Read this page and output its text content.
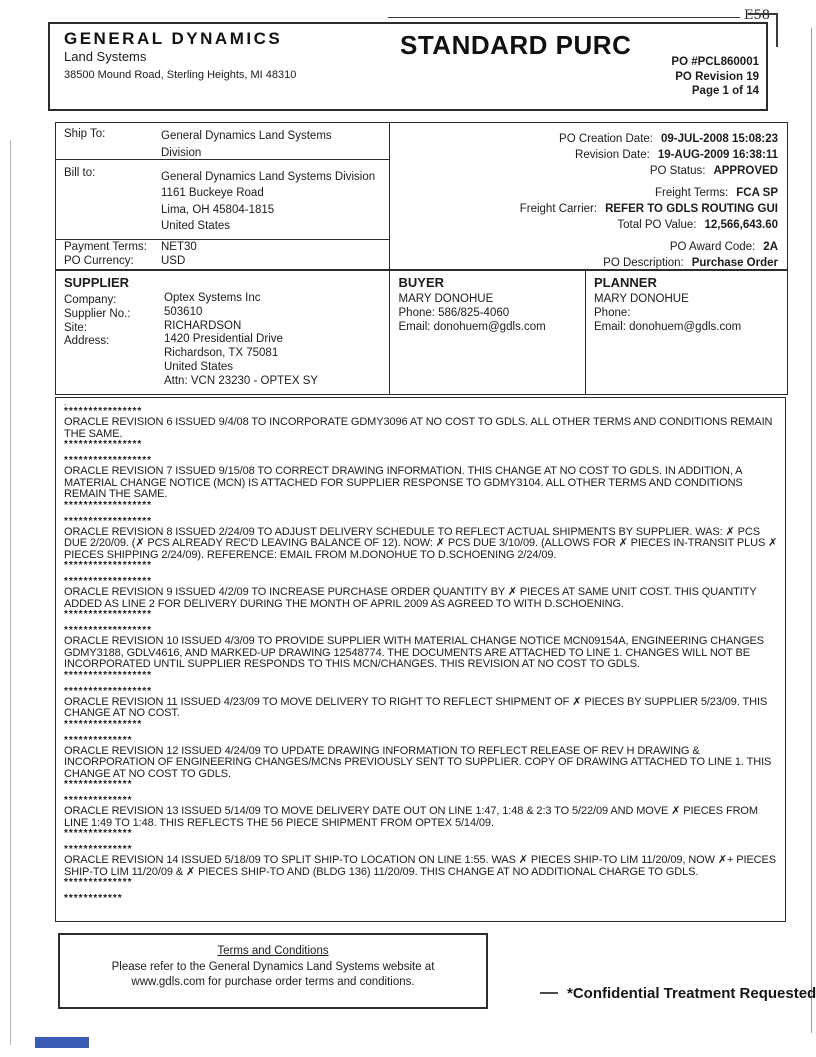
E58
GENERAL DYNAMICS
Land Systems
38500 Mound Road, Sterling Heights, MI 48310
STANDARD PURC
PO #PCL860001
PO Revision 19
Page 1 of 14
Ship To:	General Dynamics Land Systems
Division
Bill to:	General Dynamics Land Systems Division
1161 Buckeye Road
Lima, OH 45804-1815
United States
Payment Terms: NET30
PO Currency: USD
PO Creation Date: 09-JUL-2008 15:08:23
Revision Date: 19-AUG-2009 16:38:11
PO Status: APPROVED
Freight Terms: FCA SP
Freight Carrier: REFER TO GDLS ROUTING GUI
Total PO Value: 12,566,643.60
PO Award Code: 2A
PO Description: Purchase Order
SUPPLIER
Company:
Supplier No.:
Site:
Address:
Optex Systems Inc
503610
RICHARDSON
1420 Presidential Drive
Richardson, TX 75081
United States
Attn: VCN 23230 - OPTEX SY
BUYER
MARY DONOHUE
Phone: 586/825-4060
Email: donohuem@gdls.com
PLANNER
MARY DONOHUE
Phone:
Email: donohuem@gdls.com
.
****************

ORACLE REVISION 6 ISSUED 9/4/08 TO INCORPORATE GDMY3096 AT NO COST TO GDLS. ALL OTHER TERMS AND CONDITIONS REMAIN THE SAME.

****************
******************

ORACLE REVISION 7 ISSUED 9/15/08 TO CORRECT DRAWING INFORMATION. THIS CHANGE AT NO COST TO GDLS. IN ADDITION, A MATERIAL CHANGE NOTICE (MCN) IS ATTACHED FOR SUPPLIER RESPONSE TO GDMY3104. ALL OTHER TERMS AND CONDITIONS REMAIN THE SAME.

******************
******************

ORACLE REVISION 8 ISSUED 2/24/09 TO ADJUST DELIVERY SCHEDULE TO REFLECT ACTUAL SHIPMENTS BY SUPPLIER. WAS: ✗ PCS DUE 2/20/09. (✗ PCS ALREADY REC'D LEAVING BALANCE OF 12). NOW: ✗ PCS DUE 3/10/09. (ALLOWS FOR ✗ PIECES IN-TRANSIT PLUS ✗ PIECES SHIPPING 2/24/09). REFERENCE: EMAIL FROM M.DONOHUE TO D.SCHOENING 2/24/09.

******************
******************

ORACLE REVISION 9 ISSUED 4/2/09 TO INCREASE PURCHASE ORDER QUANTITY BY ✗ PIECES AT SAME UNIT COST. THIS QUANTITY ADDED AS LINE 2 FOR DELIVERY DURING THE MONTH OF APRIL 2009 AS AGREED TO WITH D.SCHOENING.

******************
******************

ORACLE REVISION 10 ISSUED 4/3/09 TO PROVIDE SUPPLIER WITH MATERIAL CHANGE NOTICE MCN09154A, ENGINEERING CHANGES GDMY3188, GDLV4616, AND MARKED-UP DRAWING 12548774. THE DOCUMENTS ARE ATTACHED TO LINE 1. CHANGES WILL NOT BE INCORPORATED UNTIL SUPPLIER RESPONDS TO THIS MCN/CHANGES. THIS REVISION AT NO COST TO GDLS.

******************
******************

ORACLE REVISION 11 ISSUED 4/23/09 TO MOVE DELIVERY TO RIGHT TO REFLECT SHIPMENT OF ✗ PIECES BY SUPPLIER 5/23/09. THIS CHANGE AT NO COST.

****************
**************

ORACLE REVISION 12 ISSUED 4/24/09 TO UPDATE DRAWING INFORMATION TO REFLECT RELEASE OF REV H DRAWING & INCORPORATION OF ENGINEERING CHANGES/MCNs PREVIOUSLY SENT TO SUPPLIER. COPY OF DRAWING ATTACHED TO LINE 1. THIS CHANGE AT NO COST TO GDLS.

**************
**************

ORACLE REVISION 13 ISSUED 5/14/09 TO MOVE DELIVERY DATE OUT ON LINE 1:47, 1:48 & 2:3 TO 5/22/09 AND MOVE ✗ PIECES FROM LINE 1:49 TO 1:48. THIS REFLECTS THE 56 PIECE SHIPMENT FROM OPTEX 5/14/09.

**************
**************

ORACLE REVISION 14 ISSUED 5/18/09 TO SPLIT SHIP-TO LOCATION ON LINE 1:55. WAS ✗ PIECES SHIP-TO LIM 11/20/09, NOW ✗+ PIECES SHIP-TO LIM 11/20/09 & ✗ PIECES SHIP-TO AND (BLDG 136) 11/20/09. THIS CHANGE AT NO ADDITIONAL CHARGE TO GDLS.

**************
************
Terms and Conditions
Please refer to the General Dynamics Land Systems website at
www.gdls.com for purchase order terms and conditions.
*Confidential Treatment Requested
